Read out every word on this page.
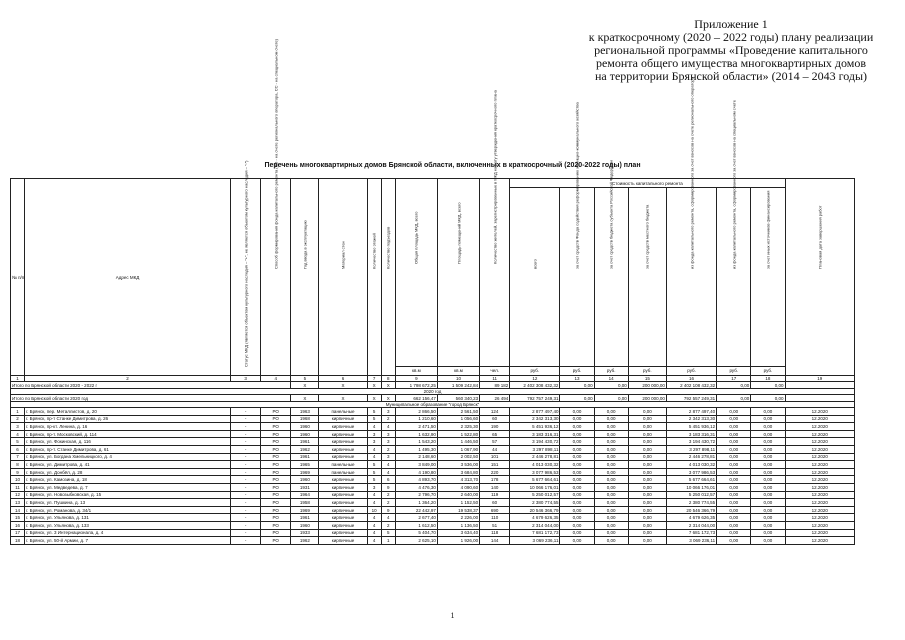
Приложение 1
к краткосрочному (2020 – 2022 годы) плану реализации
региональной программы «Проведение капитального
ремонта общего имущества многоквартирных домов
на территории Брянской области» (2014 – 2043 годы)
Перечень многоквартирных домов Брянской области, включенных в краткосрочный (2020-2022 годы) план
№ п/п	Адрес МКД	Статус МКД (является объектом культурного наследия – "+", не является объектом культурного наследия – "-")	Способ формирования фонда капитального ремонта (РО - на счете регионального оператора, СС - на специальном счете)	Год ввода в эксплуатацию	Материал стен	Количество этажей	Количество подъездов	Общая площадь МКД, всего	Площадь помещений МКД, всего	Количество жителей, зарегистрированных в МКД на дату утверждения краткосрочного плана	Стоимость капитального ремонта							Плановая дата завершения работ

											всего	за счет средств Фонда содействия реформированию жилищно-коммунального хозяйства	за счет средств бюджета субъекта Российской Федерации	за счет средств местного бюджета	из фонда капитального ремонта, сформированного за счет взносов на счете регионального оператора	из фонда капитального ремонта, сформированного за счет взносов на специальном счете	за счет иных источников финансирования	

								кв.м	кв.м	чел.	руб.	руб.	руб.	руб.	руб.	руб.	руб.	
1	2	3	4	5	6	7	8	9	10	11	12	13	14	15	16	17	18	19
Итого по Брянской области 2020 - 2022 г				Х	Х	Х	Х	1 798 672,25	1 509 242,84	89 182	2 402 308 432,32	0,00	0,00	200 000,00	2 402 108 432,32	0,00	0,00	
2020 год																		
Итого по Брянской области 2020 год				Х	Х	Х	Х	662 156,47	560 340,23	26 494	792 757 249,31	0,00	0,00	200 000,00	792 557 249,31	0,00	0,00	
Муниципальное образование "город Брянск"																		
1	г. Брянск, пер. Металлистов, д. 20	-	РО	1963	панельные	5	3	2 866,50	2 561,50	124	2 877 497,40	0,00	0,00	0,00	2 877 497,40	0,00	0,00	12.2020
2	г. Брянск, пр-т Станке Димитрова, д. 26	-	РО	1968	кирпичные	5	2	1 210,60	1 056,60	60	2 342 313,30	0,00	0,00	0,00	2 342 313,30	0,00	0,00	12.2020
3	г. Брянск, пр-кт. Ленина, д. 16	-	РО	1960	кирпичные	4	4	2 471,50	2 325,30	190	5 451 936,12	0,00	0,00	0,00	5 451 936,12	0,00	0,00	12.2020
4	г. Брянск, пр-т. Московский, д. 114	-	РО	1960	кирпичные	3	3	1 632,90	1 522,80	65	3 183 316,31	0,00	0,00	0,00	3 183 316,31	0,00	0,00	12.2020
5	г. Брянск, ул. Фокинская, д. 116	-	РО	1961	кирпичные	3	3	1 543,20	1 446,50	57	3 194 430,72	0,00	0,00	0,00	3 194 430,72	0,00	0,00	12.2020
6	г. Брянск, пр-т. Станке Димитрова, д. 61	-	РО	1962	кирпичные	4	2	1 495,30	1 067,90	44	3 297 898,11	0,00	0,00	0,00	3 297 898,11	0,00	0,00	12.2020
7	г. Брянск, ул. Богдана Хмельницкого, д. 4	-	РО	1961	кирпичные	4	3	2 148,60	2 002,50	101	2 446 278,81	0,00	0,00	0,00	2 446 278,81	0,00	0,00	12.2020
8	г. Брянск, ул. Димитрова, д. 41	-	РО	1965	панельные	5	4	3 849,00	3 536,00	151	4 013 030,32	0,00	0,00	0,00	4 013 030,32	0,00	0,00	12.2020
9	г. Брянск, ул. Донбёл, д. 28	-	РО	1969	панельные	5	4	4 190,80	3 684,80	220	3 077 986,53	0,00	0,00	0,00	3 077 986,53	0,00	0,00	12.2020
10	г. Брянск, ул. Камозина, д. 18	-	РО	1960	кирпичные	5	6	4 893,70	4 313,70	178	5 677 664,61	0,00	0,00	0,00	5 677 664,61	0,00	0,00	12.2020
11	г. Брянск, ул. Медведева, д. 7	-	РО	1931	кирпичные	3	9	4 476,30	4 090,60	140	10 066 176,01	0,00	0,00	0,00	10 066 176,01	0,00	0,00	12.2020
12	г. Брянск, ул. Новозыбковская, д. 15	-	РО	1964	кирпичные	4	2	2 796,70	2 640,00	119	5 250 012,57	0,00	0,00	0,00	5 250 012,57	0,00	0,00	12.2020
13	г. Брянск, ул. Пушкина, д. 13	-	РО	1958	кирпичные	4	2	1 364,20	1 152,50	60	2 380 774,55	0,00	0,00	0,00	2 380 774,55	0,00	0,00	12.2020
14	г. Брянск, ул. Романова, д. 34/1	-	РО	1969	кирпичные	10	9	22 442,97	19 538,37	690	20 546 366,79	0,00	0,00	0,00	20 546 366,79	0,00	0,00	12.2020
15	г. Брянск, ул. Ульянова, д. 131	-	РО	1961	кирпичные	4	4	2 677,40	2 226,00	110	4 679 626,35	0,00	0,00	0,00	4 679 626,35	0,00	0,00	12.2020
16	г. Брянск, ул. Ульянова, д. 133	-	РО	1960	кирпичные	4	2	1 612,50	1 136,50	51	2 314 044,00	0,00	0,00	0,00	2 314 044,00	0,00	0,00	12.2020
17	г. Брянск, ул. 3 Интернационала, д. 4	-	РО	1933	кирпичные	4	5	5 404,70	3 634,40	118	7 681 172,73	0,00	0,00	0,00	7 681 172,73	0,00	0,00	12.2020
18	г. Брянск, ул. 50-й Армии, д. 7	-	РО	1962	кирпичные	4	1	2 625,10	1 926,00	144	3 069 236,11	0,00	0,00	0,00	3 069 236,11	0,00	0,00	12.2020
1
